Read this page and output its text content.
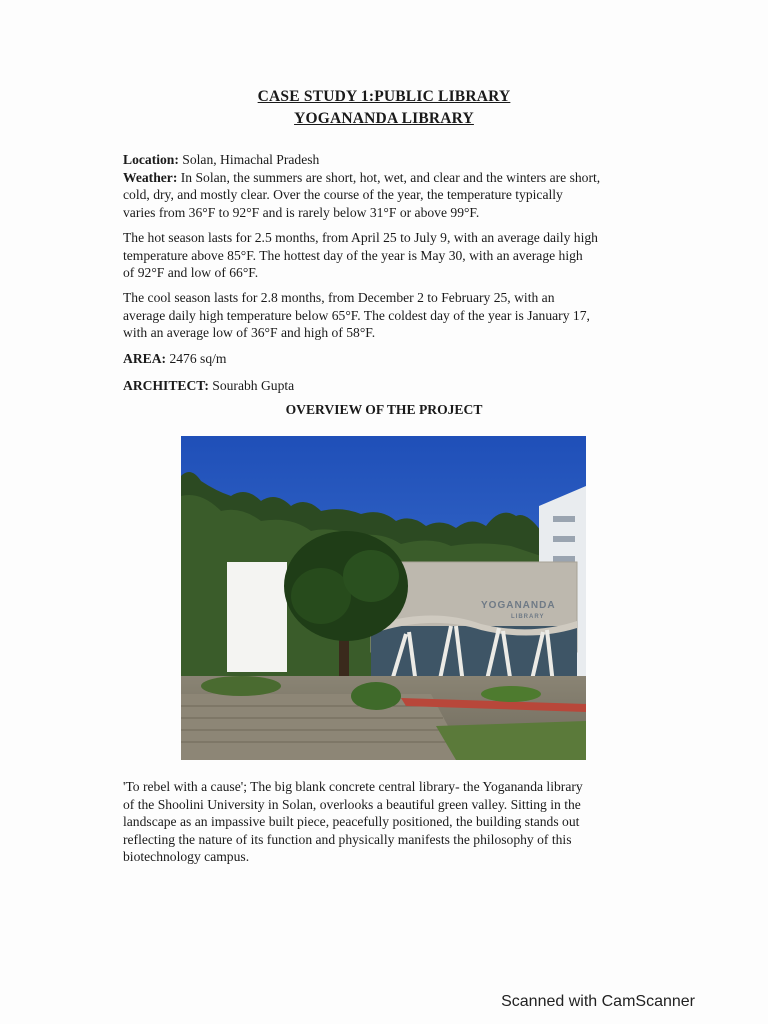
CASE STUDY 1:PUBLIC LIBRARY
YOGANANDA LIBRARY
Location: Solan, Himachal Pradesh
Weather: In Solan, the summers are short, hot, wet, and clear and the winters are short,
cold, dry, and mostly clear. Over the course of the year, the temperature typically
varies from 36°F to 92°F and is rarely below 31°F or above 99°F.
The hot season lasts for 2.5 months, from April 25 to July 9, with an average daily high
temperature above 85°F. The hottest day of the year is May 30, with an average high
of 92°F and low of 66°F.
The cool season lasts for 2.8 months, from December 2 to February 25, with an
average daily high temperature below 65°F. The coldest day of the year is January 17,
with an average low of 36°F and high of 58°F.
AREA: 2476 sq/m
ARCHITECT: Sourabh Gupta
OVERVIEW OF THE PROJECT
YOGANANDA
LIBRARY
'To rebel with a cause'; The big blank concrete central library- the Yogananda library
of the Shoolini University in Solan, overlooks a beautiful green valley. Sitting in the
landscape as an impassive built piece, peacefully positioned, the building stands out
reflecting the nature of its function and physically manifests the philosophy of this
biotechnology campus.
Scanned with CamScanner
